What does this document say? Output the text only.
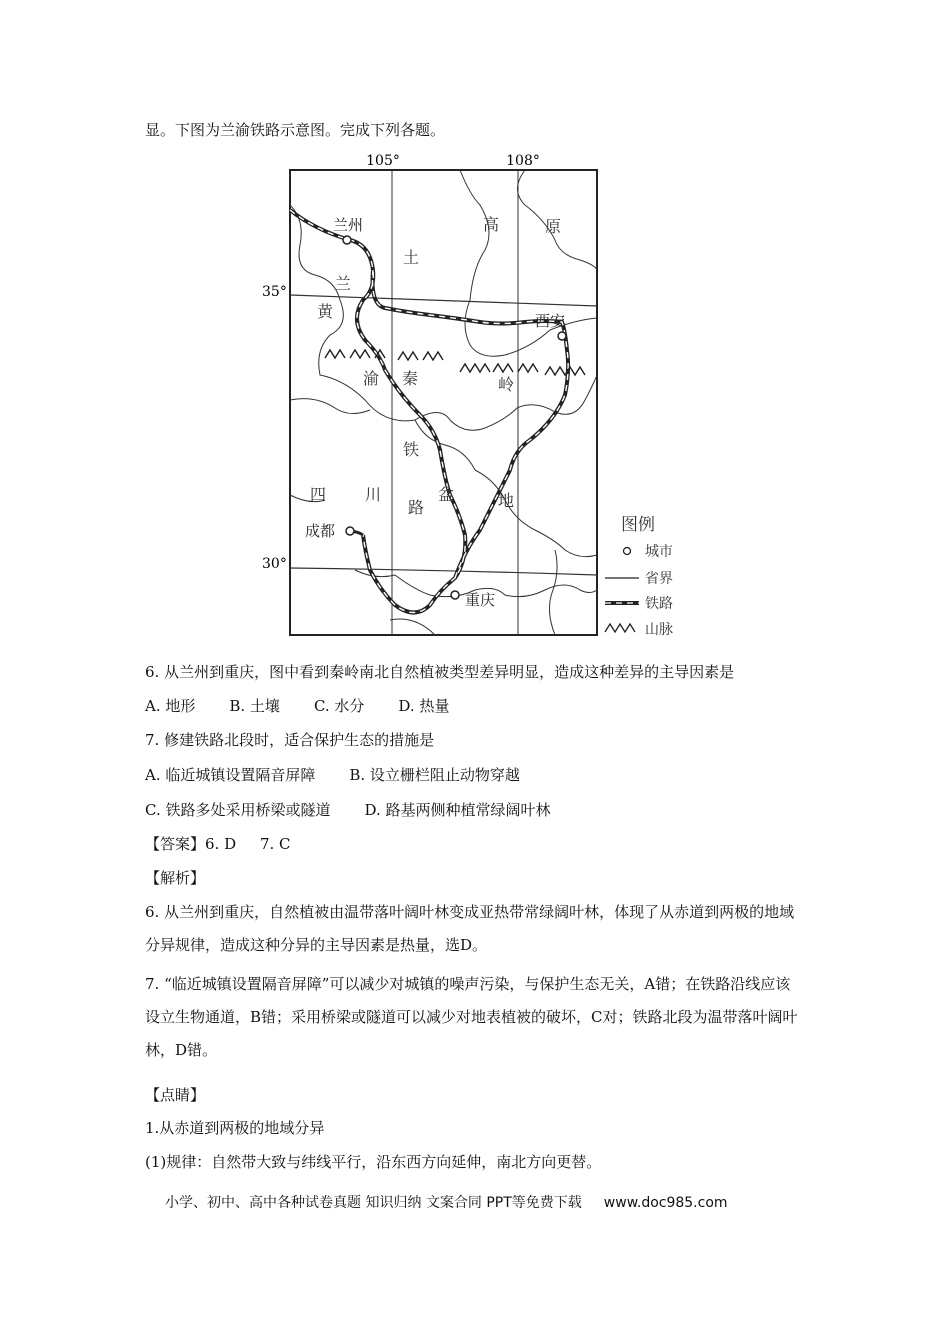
显。下图为兰渝铁路示意图。完成下列各题。
105°	108°
35°
30°
兰州
西安
成都
重庆
原
高
土
兰
黄
秦	岭
渝
铁
路
四 川	盆	地
图例
城市
省界
铁路
山脉
6. 从兰州到重庆，图中看到秦岭南北自然植被类型差异明显，造成这种差异的主导因素是
A. 地形 B. 土壤 C. 水分 D. 热量
7. 修建铁路北段时，适合保护生态的措施是
A. 临近城镇设置隔音屏障 B. 设立栅栏阻止动物穿越
C. 铁路多处采用桥梁或隧道 D. 路基两侧种植常绿阔叶林
【答案】6. D     7. C
【解析】
6. 从兰州到重庆，自然植被由温带落叶阔叶林变成亚热带常绿阔叶林，体现了从赤道到两极的地域分异规律，造成这种分异的主导因素是热量，选D。
7. “临近城镇设置隔音屏障”可以减少对城镇的噪声污染，与保护生态无关，A错；在铁路沿线应该设立生物通道，B错；采用桥梁或隧道可以减少对地表植被的破坏，C对；铁路北段为温带落叶阔叶林，D错。
【点睛】
1.从赤道到两极的地域分异
(1)规律：自然带大致与纬线平行，沿东西方向延伸，南北方向更替。
小学、初中、高中各种试卷真题 知识归纳 文案合同 PPT等免费下载 www.doc985.com
